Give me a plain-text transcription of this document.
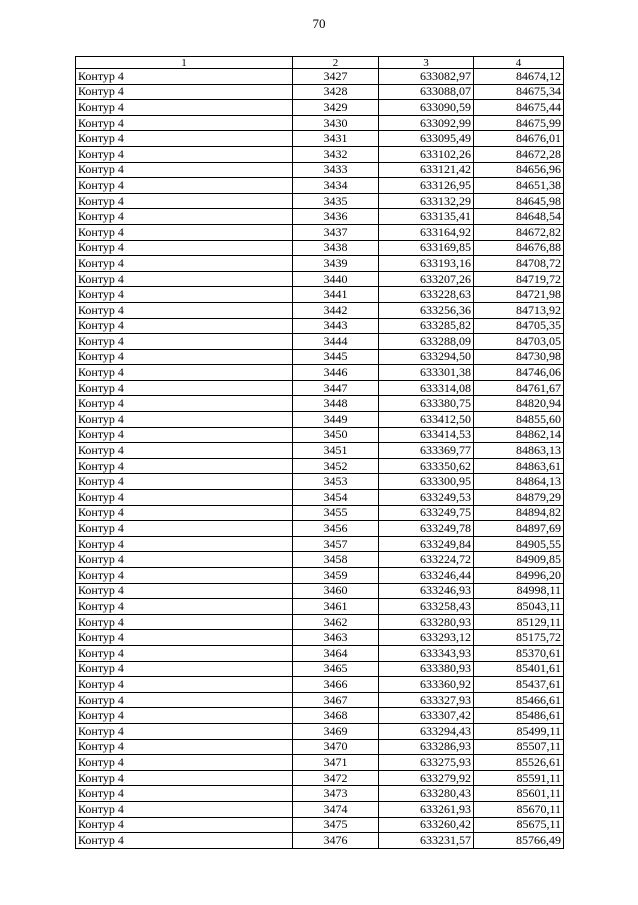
70
1	2	3	4
Контур 4	3427	633082,97	84674,12
Контур 4	3428	633088,07	84675,34
Контур 4	3429	633090,59	84675,44
Контур 4	3430	633092,99	84675,99
Контур 4	3431	633095,49	84676,01
Контур 4	3432	633102,26	84672,28
Контур 4	3433	633121,42	84656,96
Контур 4	3434	633126,95	84651,38
Контур 4	3435	633132,29	84645,98
Контур 4	3436	633135,41	84648,54
Контур 4	3437	633164,92	84672,82
Контур 4	3438	633169,85	84676,88
Контур 4	3439	633193,16	84708,72
Контур 4	3440	633207,26	84719,72
Контур 4	3441	633228,63	84721,98
Контур 4	3442	633256,36	84713,92
Контур 4	3443	633285,82	84705,35
Контур 4	3444	633288,09	84703,05
Контур 4	3445	633294,50	84730,98
Контур 4	3446	633301,38	84746,06
Контур 4	3447	633314,08	84761,67
Контур 4	3448	633380,75	84820,94
Контур 4	3449	633412,50	84855,60
Контур 4	3450	633414,53	84862,14
Контур 4	3451	633369,77	84863,13
Контур 4	3452	633350,62	84863,61
Контур 4	3453	633300,95	84864,13
Контур 4	3454	633249,53	84879,29
Контур 4	3455	633249,75	84894,82
Контур 4	3456	633249,78	84897,69
Контур 4	3457	633249,84	84905,55
Контур 4	3458	633224,72	84909,85
Контур 4	3459	633246,44	84996,20
Контур 4	3460	633246,93	84998,11
Контур 4	3461	633258,43	85043,11
Контур 4	3462	633280,93	85129,11
Контур 4	3463	633293,12	85175,72
Контур 4	3464	633343,93	85370,61
Контур 4	3465	633380,93	85401,61
Контур 4	3466	633360,92	85437,61
Контур 4	3467	633327,93	85466,61
Контур 4	3468	633307,42	85486,61
Контур 4	3469	633294,43	85499,11
Контур 4	3470	633286,93	85507,11
Контур 4	3471	633275,93	85526,61
Контур 4	3472	633279,92	85591,11
Контур 4	3473	633280,43	85601,11
Контур 4	3474	633261,93	85670,11
Контур 4	3475	633260,42	85675,11
Контур 4	3476	633231,57	85766,49
